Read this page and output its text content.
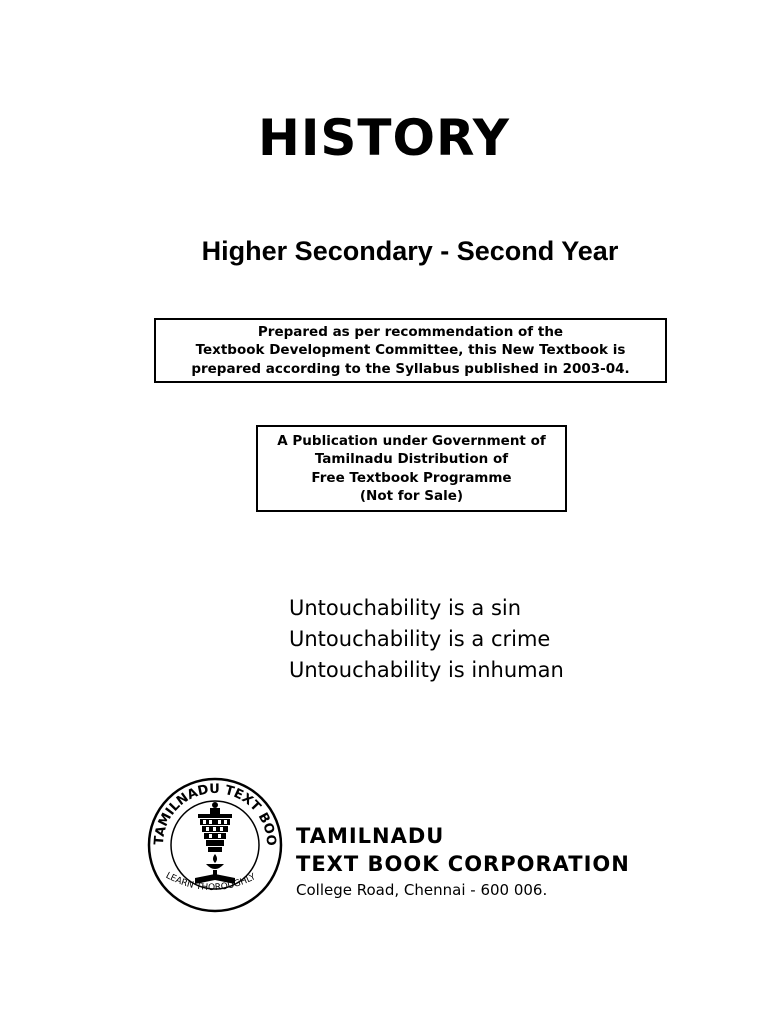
HISTORY
Higher Secondary - Second Year
Prepared as per recommendation of the
Textbook Development Committee, this New Textbook is
prepared according to the Syllabus published in 2003-04.
A Publication under Government of
Tamilnadu Distribution of
Free Textbook Programme
(Not for Sale)
Untouchability is a sin
Untouchability is a crime
Untouchability is inhuman
TAMILNADU TEXT BOO
LEARN THOROUGHLY
TAMILNADU
TEXT BOOK CORPORATION
College Road, Chennai - 600 006.
